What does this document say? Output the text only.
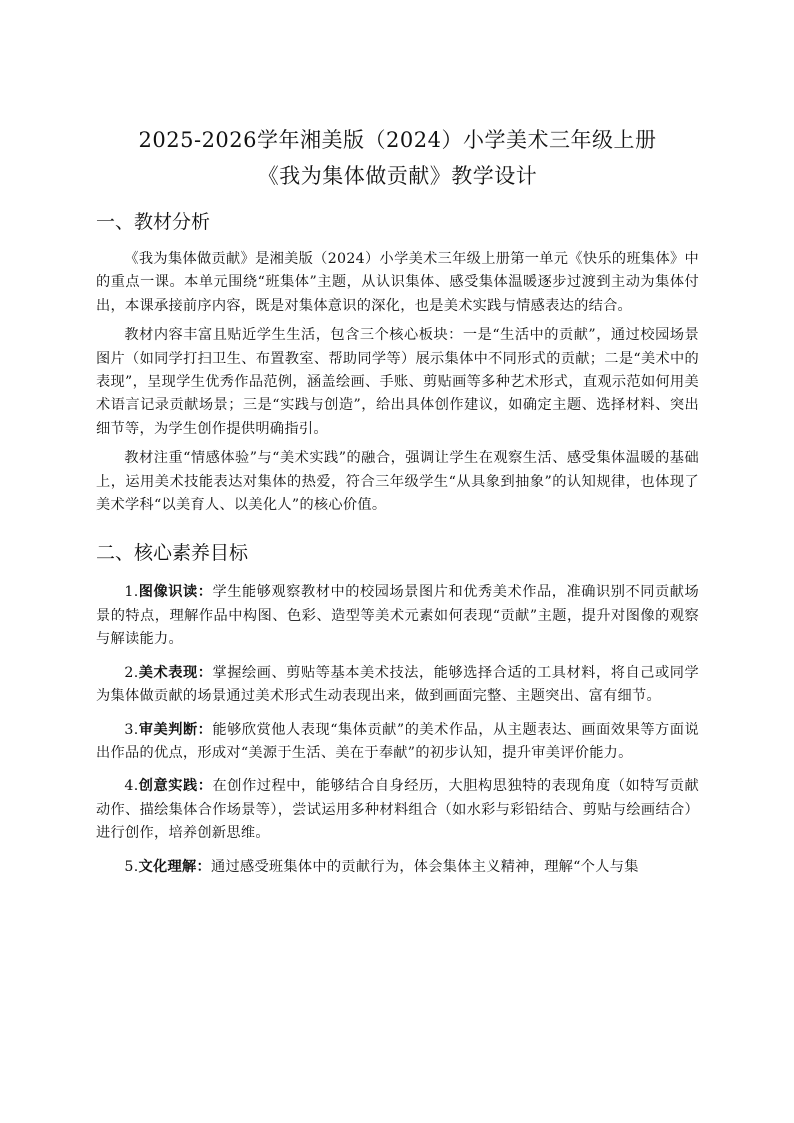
2025-2026学年湘美版（2024）小学美术三年级上册
《我为集体做贡献》教学设计
一、教材分析

《我为集体做贡献》是湘美版（2024）小学美术三年级上册第一单元《快乐的班集体》中的重点一课。本单元围绕“班集体”主题，从认识集体、感受集体温暖逐步过渡到主动为集体付出，本课承接前序内容，既是对集体意识的深化，也是美术实践与情感表达的结合。

教材内容丰富且贴近学生生活，包含三个核心板块：一是“生活中的贡献”，通过校园场景图片（如同学打扫卫生、布置教室、帮助同学等）展示集体中不同形式的贡献；二是“美术中的表现”，呈现学生优秀作品范例，涵盖绘画、手账、剪贴画等多种艺术形式，直观示范如何用美术语言记录贡献场景；三是“实践与创造”，给出具体创作建议，如确定主题、选择材料、突出细节等，为学生创作提供明确指引。

教材注重“情感体验”与“美术实践”的融合，强调让学生在观察生活、感受集体温暖的基础上，运用美术技能表达对集体的热爱，符合三年级学生“从具象到抽象”的认知规律，也体现了美术学科“以美育人、以美化人”的核心价值。

二、核心素养目标

1.图像识读：学生能够观察教材中的校园场景图片和优秀美术作品，准确识别不同贡献场景的特点，理解作品中构图、色彩、造型等美术元素如何表现“贡献”主题，提升对图像的观察与解读能力。

2.美术表现：掌握绘画、剪贴等基本美术技法，能够选择合适的工具材料，将自己或同学为集体做贡献的场景通过美术形式生动表现出来，做到画面完整、主题突出、富有细节。

3.审美判断：能够欣赏他人表现“集体贡献”的美术作品，从主题表达、画面效果等方面说出作品的优点，形成对“美源于生活、美在于奉献”的初步认知，提升审美评价能力。

4.创意实践：在创作过程中，能够结合自身经历，大胆构思独特的表现角度（如特写贡献动作、描绘集体合作场景等），尝试运用多种材料组合（如水彩与彩铅结合、剪贴与绘画结合）进行创作，培养创新思维。

5.文化理解：通过感受班集体中的贡献行为，体会集体主义精神，理解“个人与集
